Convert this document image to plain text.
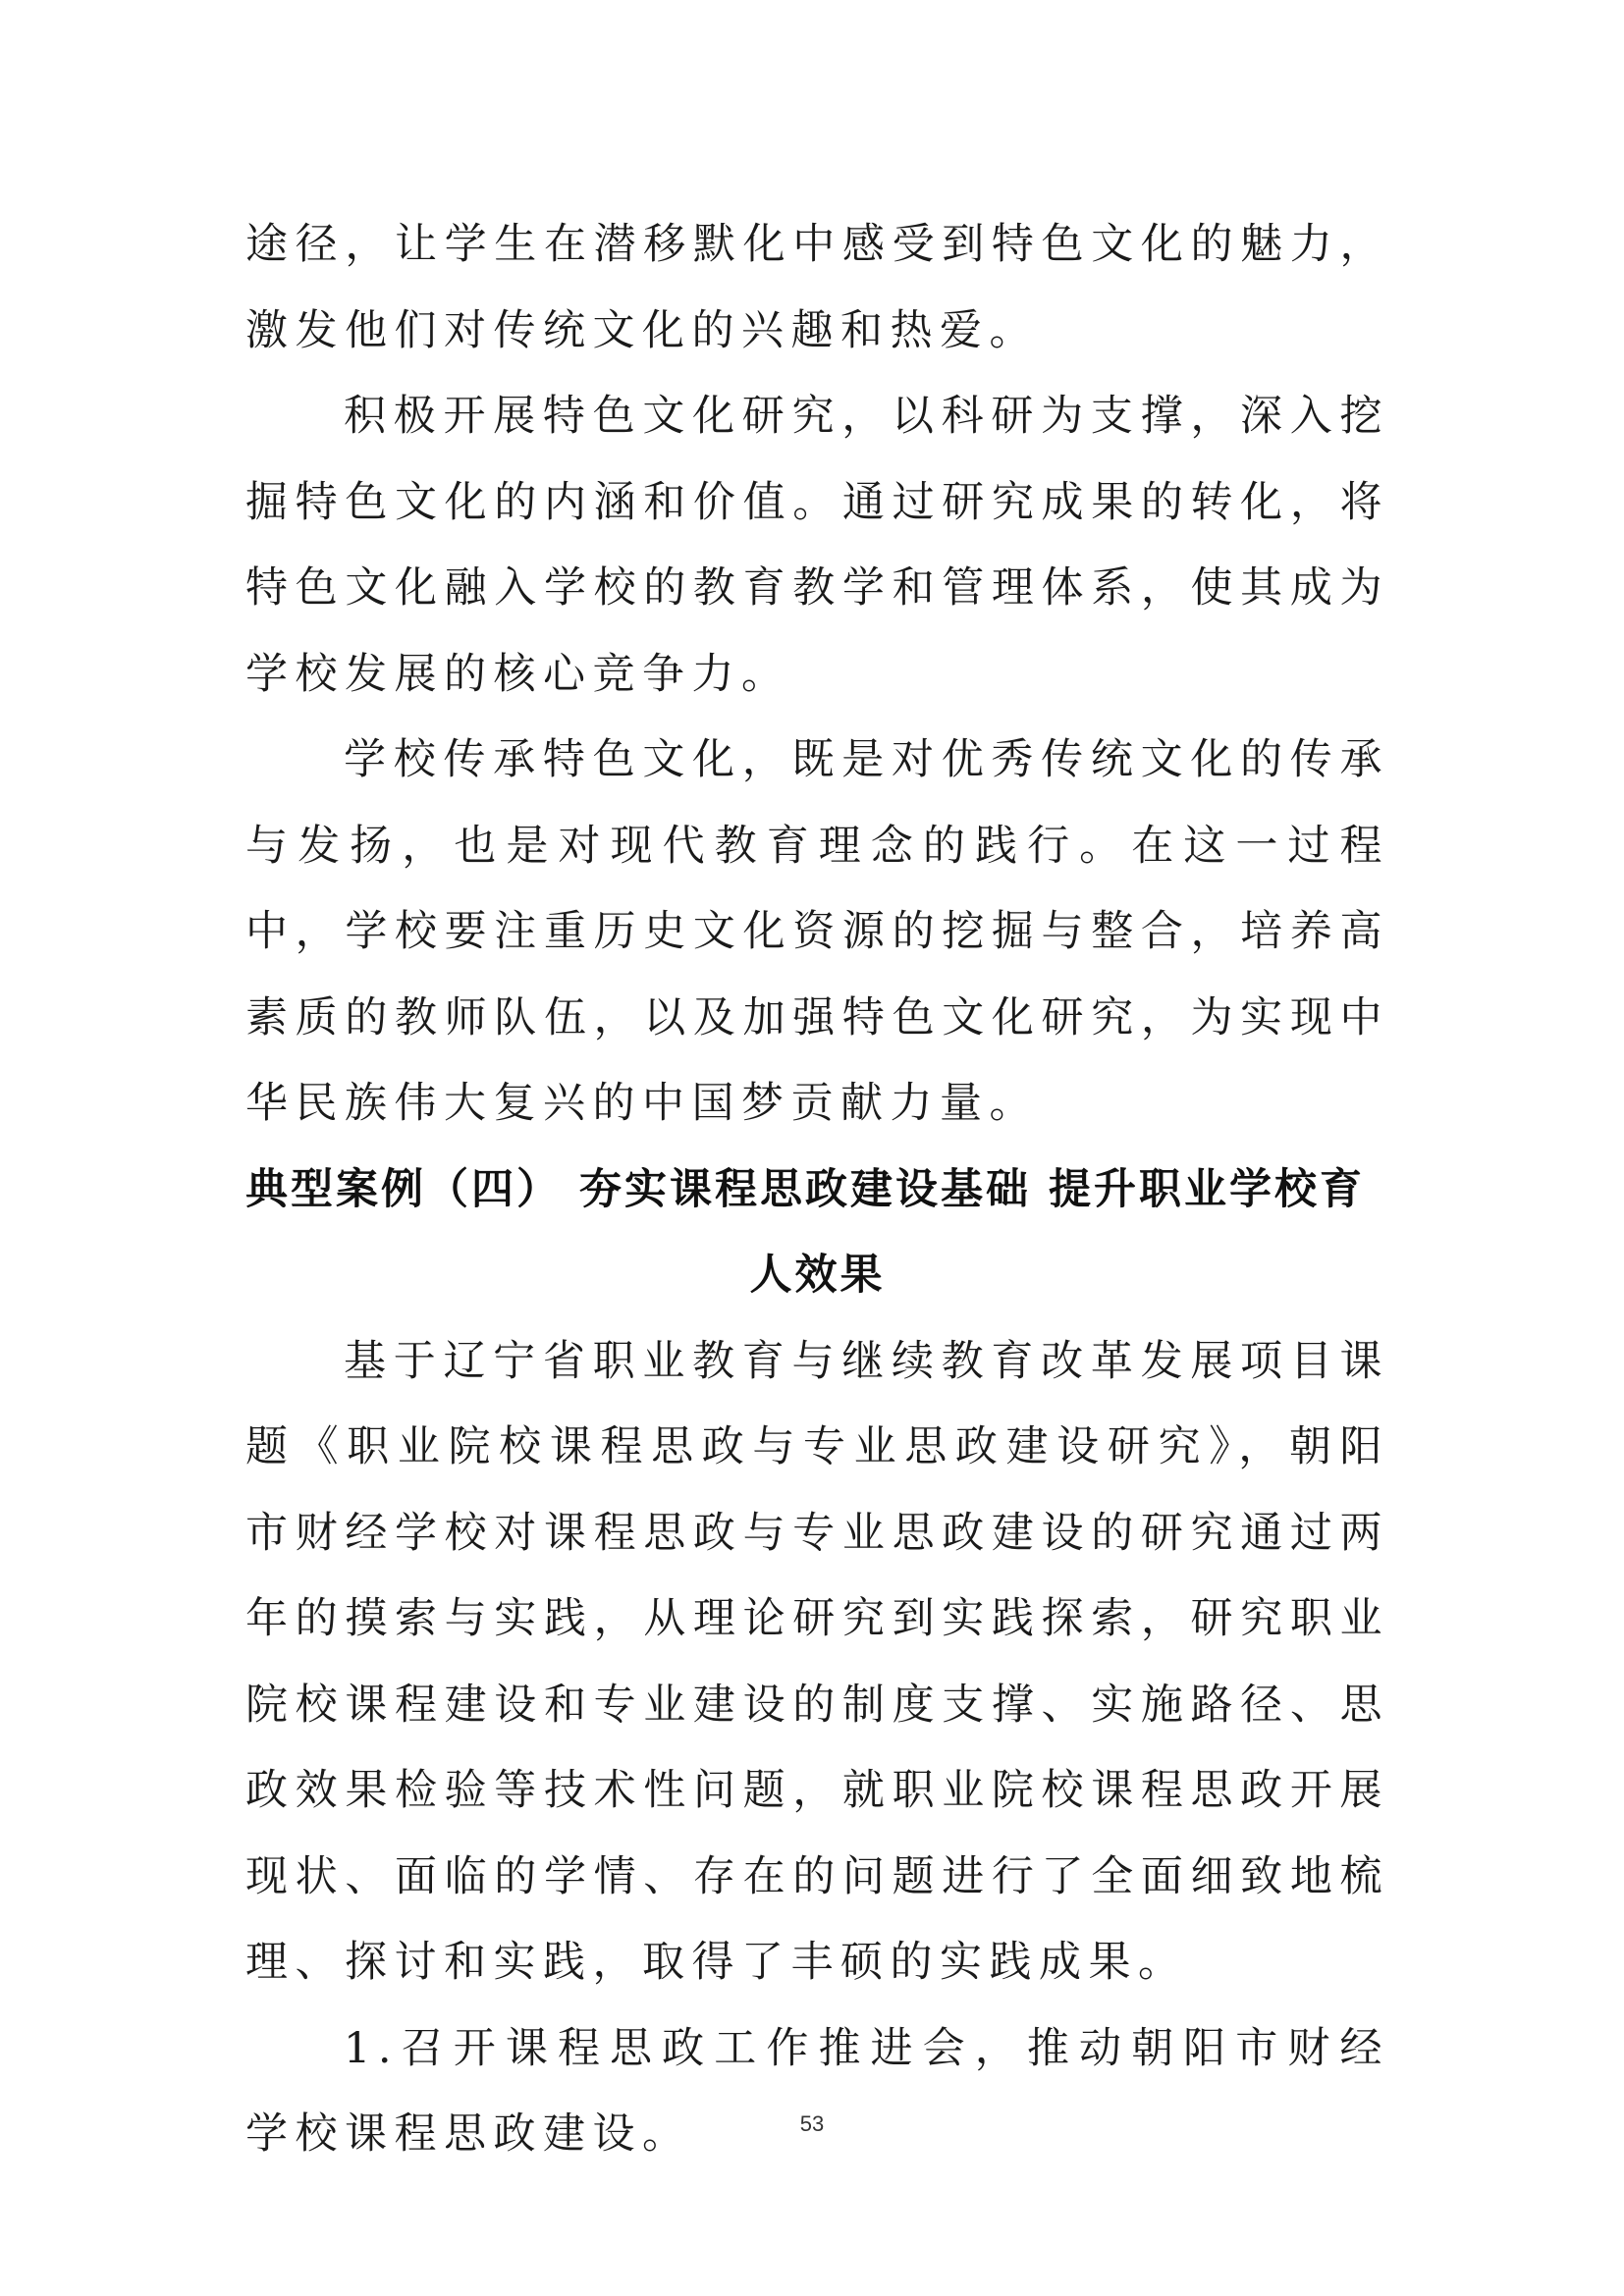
途径，让学生在潜移默化中感受到特色文化的魅力，激发他们对传统文化的兴趣和热爱。

积极开展特色文化研究，以科研为支撑，深入挖掘特色文化的内涵和价值。通过研究成果的转化，将特色文化融入学校的教育教学和管理体系，使其成为学校发展的核心竞争力。

学校传承特色文化，既是对优秀传统文化的传承与发扬，也是对现代教育理念的践行。在这一过程中，学校要注重历史文化资源的挖掘与整合，培养高素质的教师队伍，以及加强特色文化研究，为实现中华民族伟大复兴的中国梦贡献力量。

典型案例（四） 夯实课程思政建设基础 提升职业学校育

人效果

基于辽宁省职业教育与继续教育改革发展项目课题《职业院校课程思政与专业思政建设研究》，朝阳市财经学校对课程思政与专业思政建设的研究通过两年的摸索与实践，从理论研究到实践探索，研究职业院校课程建设和专业建设的制度支撑、实施路径、思政效果检验等技术性问题，就职业院校课程思政开展现状、面临的学情、存在的问题进行了全面细致地梳理、探讨和实践，取得了丰硕的实践成果。

1.召开课程思政工作推进会，推动朝阳市财经学校课程思政建设。	53
